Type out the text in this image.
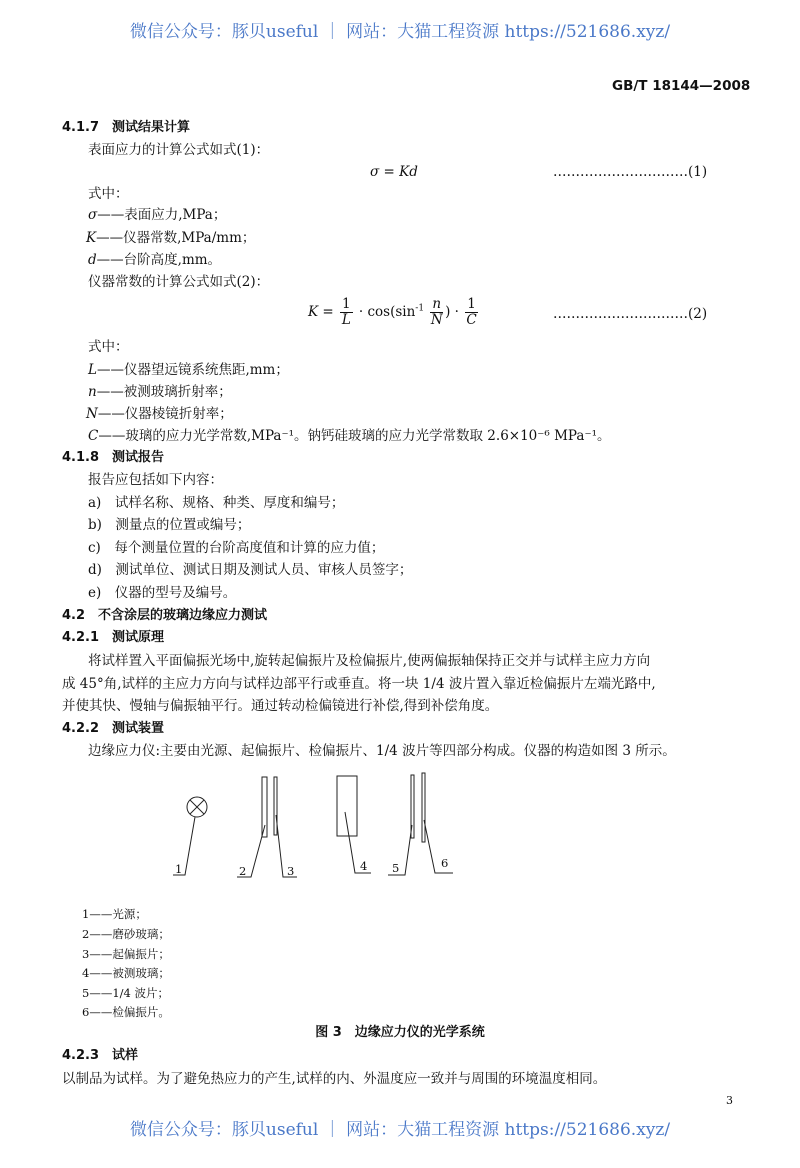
微信公众号：豚贝useful ｜ 网站：大猫工程资源 https://521686.xyz/
GB/T 18144—2008
4.1.7　 测试结果计算
表面应力的计算公式如式(1)：
σ = Kd	…………………………(1)
式中：
σ——表面应力,MPa；
K——仪器常数,MPa/mm；
d——台阶高度,mm。
仪器常数的计算公式如式(2)：
$K = \frac{1}{L} \cdot \cos(\sin^{-1} \frac{n}{N}$ ) · $\frac{1}{C}$	…………………………(2)
式中：
L——仪器望远镜系统焦距,mm；
n——被测玻璃折射率；
N——仪器棱镜折射率；
C——玻璃的应力光学常数,MPa⁻¹。钠钙硅玻璃的应力光学常数取 2.6×10⁻⁶ MPa⁻¹。
4.1.8　 测试报告
报告应包括如下内容：
a)　试样名称、规格、种类、厚度和编号；
b)　测量点的位置或编号；
c)　每个测量位置的台阶高度值和计算的应力值；
d)　测试单位、测试日期及测试人员、审核人员签字；
e)　仪器的型号及编号。
4.2　 不含涂层的玻璃边缘应力测试
4.2.1　 测试原理
将试样置入平面偏振光场中,旋转起偏振片及检偏振片,使两偏振轴保持正交并与试样主应力方向
成 45°角,试样的主应力方向与试样边部平行或垂直。将一块 1/4 波片置入靠近检偏振片左端光路中,
并使其快、慢轴与偏振轴平行。通过转动检偏镜进行补偿,得到补偿角度。
4.2.2　 测试装置
边缘应力仪:主要由光源、起偏振片、检偏振片、1/4 波片等四部分构成。仪器的构造如图 3 所示。
1	2	3	4 5	6
1——光源；
2——磨砂玻璃；
3——起偏振片；
4——被测玻璃；
5——1/4 波片；
6——检偏振片。
图 3　边缘应力仪的光学系统
4.2.3　 试样
以制品为试样。为了避免热应力的产生,试样的内、外温度应一致并与周围的环境温度相同。
3
微信公众号：豚贝useful ｜ 网站：大猫工程资源 https://521686.xyz/
